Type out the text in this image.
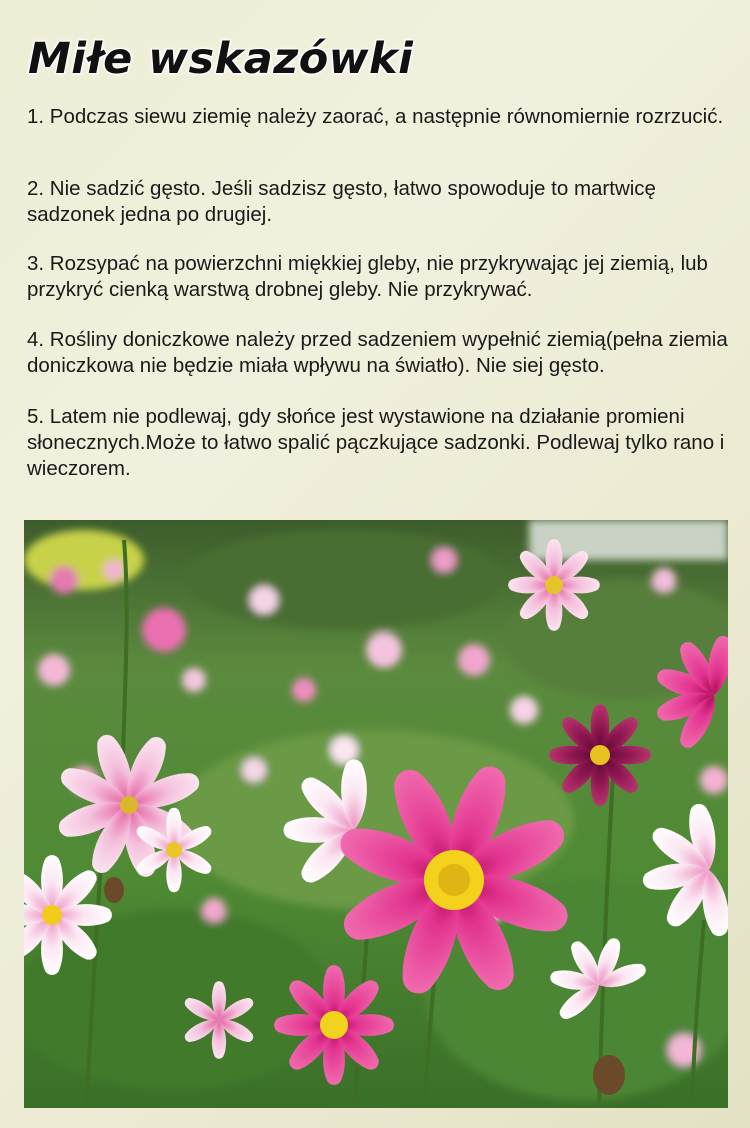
Miłe wskazówki

1. Podczas siewu ziemię należy zaorać, a następnie równomiernie rozrzucić.

2. Nie sadzić gęsto. Jeśli sadzisz gęsto, łatwo spowoduje to martwicę sadzonek jedna po drugiej.

3. Rozsypać na powierzchni miękkiej gleby, nie przykrywając jej ziemią, lub przykryć cienką warstwą drobnej gleby. Nie przykrywać.

4. Rośliny doniczkowe należy przed sadzeniem wypełnić ziemią(pełna ziemia doniczkowa nie będzie miała wpływu na światło). Nie siej gęsto.

5. Latem nie podlewaj, gdy słońce jest wystawione na działanie promieni słonecznych.Może to łatwo spalić pączkujące sadzonki. Podlewaj tylko rano i wieczorem.
